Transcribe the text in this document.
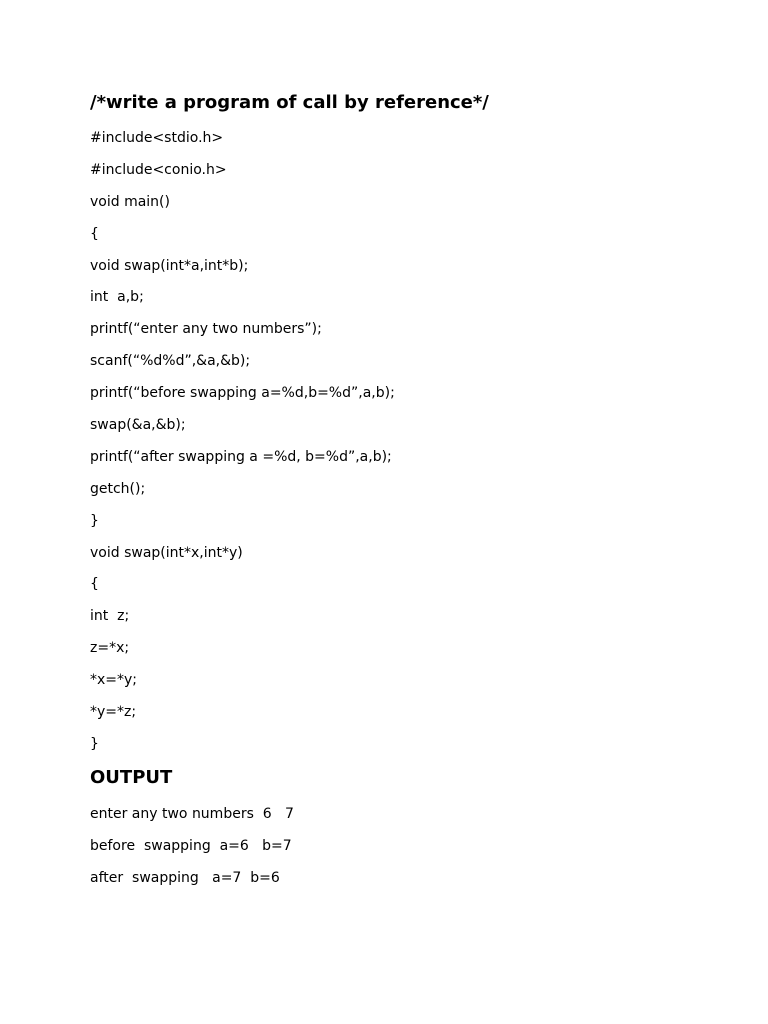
/*write a program of call by reference*/
#include<stdio.h>
#include<conio.h>
void main()
{
void swap(int*a,int*b);
int  a,b;
printf(“enter any two numbers”);
scanf(“%d%d”,&a,&b);
printf(“before swapping a=%d,b=%d”,a,b);
swap(&a,&b);
printf(“after swapping a =%d, b=%d”,a,b);
getch();
}
void swap(int*x,int*y)
{
int  z;
z=*x;
*x=*y;
*y=*z;
}
OUTPUT
enter any two numbers  6   7
before  swapping  a=6   b=7
after  swapping   a=7  b=6
